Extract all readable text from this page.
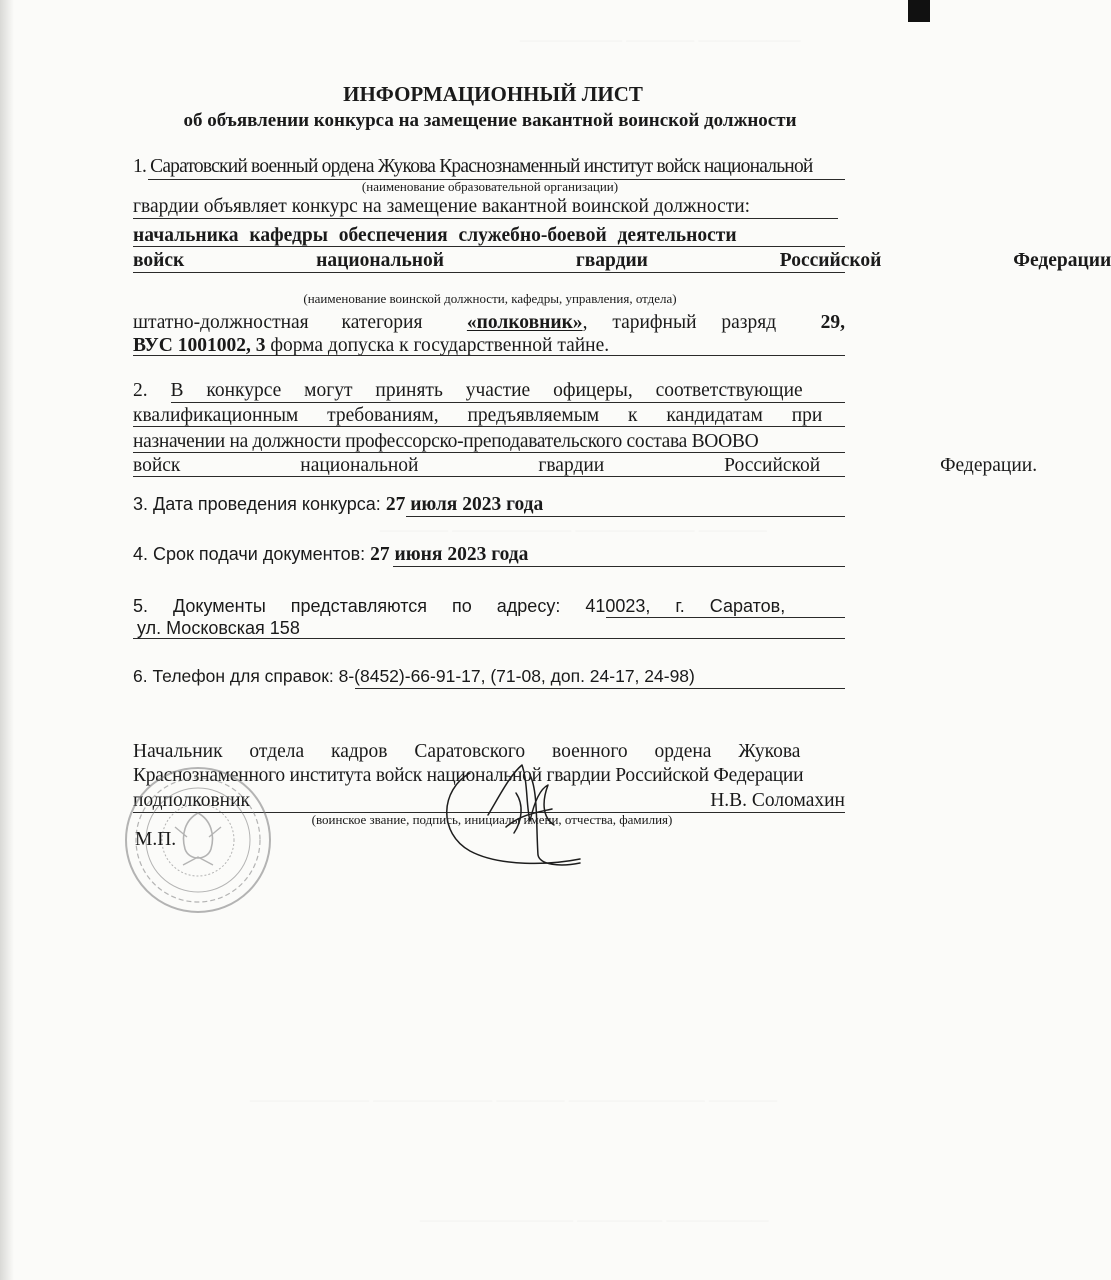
—————— ———— ——————
———— ——————— ——————— ————
——————— ——————— ———— ———————— ————
————————— ————— ——————
ИНФОРМАЦИОННЫЙ ЛИСТ
об объявлении конкурса на замещение вакантной воинской должности
1. Саратовский военный ордена Жукова Краснознаменный институт войск национальной
(наименование образовательной организации)
гвардии объявляет конкурс на замещение вакантной воинской должности:
начальника кафедры обеспечения служебно-боевой деятельности
войск национальной гвардии Российской Федерации
(наименование воинской должности, кафедры, управления, отдела)
штатно-должностная категория «полковник», тарифный разряд 29,
ВУС 1001002, 3 форма допуска к государственной тайне.
2. В конкурсе могут принять участие офицеры, соответствующие
квалификационным требованиям, предъявляемым к кандидатам при
назначении на должности профессорско-преподавательского состава ВООВО
войск национальной гвардии Российской Федерации.
3. Дата проведения конкурса: 27 июля 2023 года
4. Срок подачи документов: 27 июня 2023 года
5. Документы представляются по адресу: 410023, г. Саратов,
ул. Московская 158
6. Телефон для справок: 8-(8452)-66-91-17, (71-08, доп. 24-17, 24-98)
Начальник отдела кадров Саратовского военного ордена Жукова
Краснознаменного института войск национальной гвардии Российской Федерации
подполковник	Н.В. Соломахин
(воинское звание, подпись, инициалы имени, отчества, фамилия)
М.П.
